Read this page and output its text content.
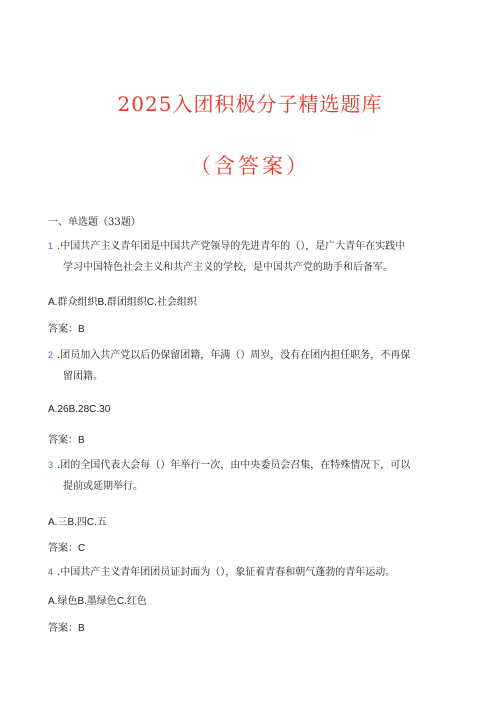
2025入团积极分子精选题库
（含答案）
一、单选题（33题）
1 .中国共产主义青年团是中国共产党领导的先进青年的（），是广大青年在实践中
学习中国特色社会主义和共产主义的学校，是中国共产党的助手和后备军。
A.群众组织B.群团组织C.社会组织
答案：B
2 .团员加入共产党以后仍保留团籍，年满（）周岁，没有在团内担任职务，不再保
留团籍。
A.26B.28C.30
答案：B
3 .团的全国代表大会每（）年举行一次，由中央委员会召集，在特殊情况下，可以
提前或延期举行。
A.三B.四C.五
答案：C
4 .中国共产主义青年团团员证封面为（），象征着青春和朝气蓬勃的青年运动。
A.绿色B.墨绿色C.红色
答案：B
